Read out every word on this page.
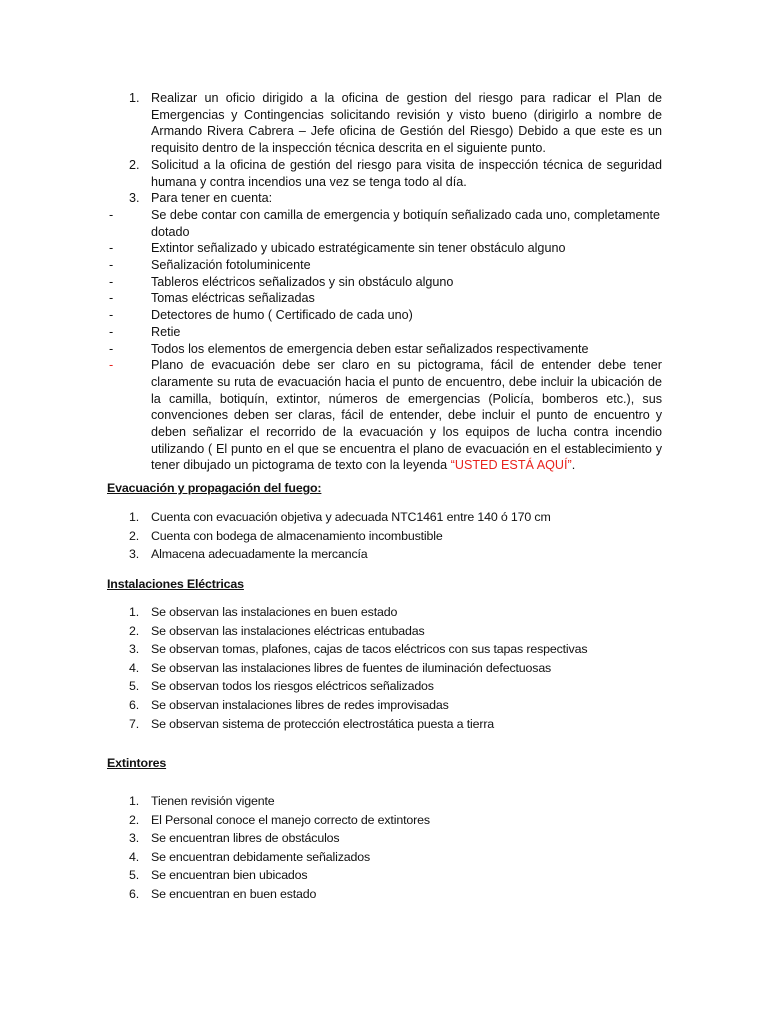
1. Realizar un oficio dirigido a la oficina de gestion del riesgo para radicar el Plan de Emergencias y Contingencias solicitando revisión y visto bueno (dirigirlo a nombre de Armando Rivera Cabrera – Jefe oficina de Gestión del Riesgo) Debido a que este es un requisito dentro de la inspección técnica descrita en el siguiente punto.
2. Solicitud a la oficina de gestión del riesgo para visita de inspección técnica de seguridad humana y contra incendios una vez se tenga todo al día.
3. Para tener en cuenta:
-	Se debe contar con camilla de emergencia y botiquín señalizado cada uno, completamente dotado
-	Extintor señalizado y ubicado estratégicamente sin tener obstáculo alguno
-	Señalización fotoluminicente
-	Tableros eléctricos señalizados y sin obstáculo alguno
-	Tomas eléctricas señalizadas
-	Detectores de humo ( Certificado de cada uno)
-	Retie
-	Todos los elementos de emergencia deben estar señalizados respectivamente
-	Plano de evacuación debe ser claro en su pictograma, fácil de entender debe tener claramente su ruta de evacuación hacia el punto de encuentro, debe incluir la ubicación de la camilla, botiquín, extintor, números de emergencias (Policía, bomberos etc.), sus convenciones deben ser claras, fácil de entender, debe incluir el punto de encuentro y deben señalizar el recorrido de la evacuación y los equipos de lucha contra incendio utilizando ( El punto en el que se encuentra el plano de evacuación en el establecimiento y tener dibujado un pictograma de texto con la leyenda “USTED ESTÁ AQUÍ”.
Evacuación y propagación del fuego:
1. Cuenta con evacuación objetiva y adecuada NTC1461 entre 140 ó 170 cm
2. Cuenta con bodega de almacenamiento incombustible
3. Almacena adecuadamente la mercancía
Instalaciones Eléctricas
1. Se observan las instalaciones en buen estado
2. Se observan las instalaciones eléctricas entubadas
3. Se observan tomas, plafones, cajas de tacos eléctricos con sus tapas respectivas
4. Se observan las instalaciones libres de fuentes de iluminación defectuosas
5. Se observan todos los riesgos eléctricos señalizados
6. Se observan instalaciones libres de redes improvisadas
7. Se observan sistema de protección electrostática puesta a tierra
Extintores
1. Tienen revisión vigente
2. El Personal conoce el manejo correcto de extintores
3. Se encuentran libres de obstáculos
4. Se encuentran debidamente señalizados
5. Se encuentran bien ubicados
6. Se encuentran en buen estado
